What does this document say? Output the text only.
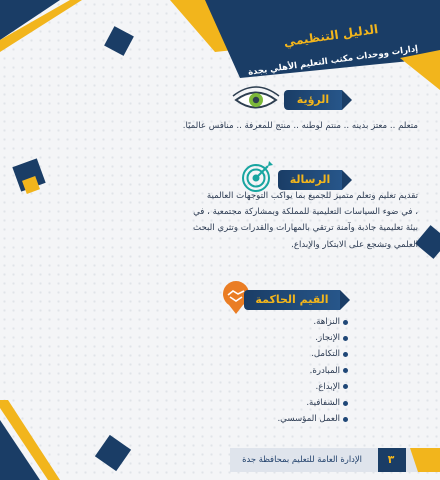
الدليل التنظيمي
إدارات ووحدات مكتب التعليم الأهلي بجدة
الرؤية

متعلم .. معتز بدينه .. منتم لوطنه .. منتج للمعرفة .. منافس عالميًا.

الرسالة

تقديم تعليم وتعلم متميز للجميع بما يواكب التوجهات العالمية

، في ضوء السياسات التعليمية للمملكة وبمشاركة مجتمعية ، في

بيئة تعليمية جاذبة وآمنة ترتقي بالمهارات والقدرات وتثري البحث

العلمي وتشجع على الابتكار والإبداع.

القيم الحاكمة
النزاهة.
الإنجاز.
التكامل.
المبادرة.
الإبداع.
الشفافية.
العمل المؤسسي.
الإدارة العامة للتعليم بمحافظة جدة	٣
